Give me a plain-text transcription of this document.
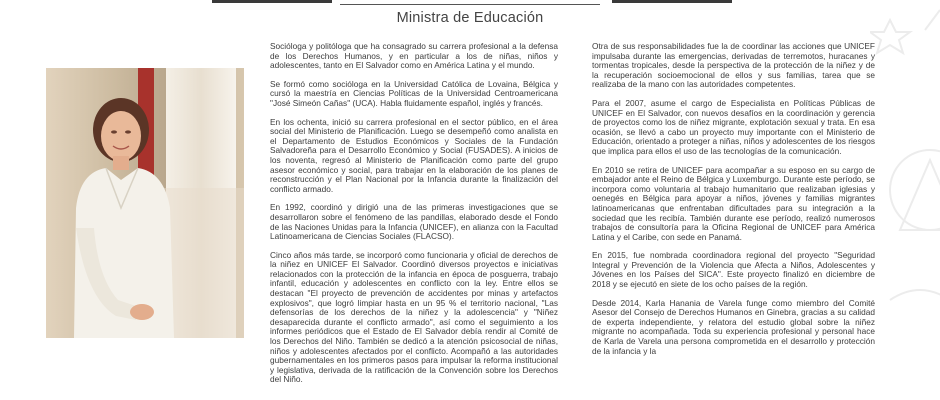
Ministra de Educación

Socióloga y politóloga que ha consagrado su carrera profesional a la defensa de los Derechos Humanos, y en particular a los de niñas, niños y adolescentes, tanto en El Salvador como en América Latina y el mundo.

Se formó como socióloga en la Universidad Católica de Lovaina, Bélgica y cursó la maestría en Ciencias Políticas de la Universidad Centroamericana "José Simeón Cañas" (UCA). Habla fluidamente español, inglés y francés.

En los ochenta, inició su carrera profesional en el sector público, en el área social del Ministerio de Planificación. Luego se desempeñó como analista en el Departamento de Estudios Económicos y Sociales de la Fundación Salvadoreña para el Desarrollo Económico y Social (FUSADES). A inicios de los noventa, regresó al Ministerio de Planificación como parte del grupo asesor económico y social, para trabajar en la elaboración de los planes de reconstrucción y el Plan Nacional por la Infancia durante la finalización del conflicto armado.

En 1992, coordinó y dirigió una de las primeras investigaciones que se desarrollaron sobre el fenómeno de las pandillas, elaborado desde el Fondo de las Naciones Unidas para la Infancia (UNICEF), en alianza con la Facultad Latinoamericana de Ciencias Sociales (FLACSO).

Cinco años más tarde, se incorporó como funcionaria y oficial de derechos de la niñez en UNICEF El Salvador. Coordinó diversos proyectos e iniciativas relacionados con la protección de la infancia en época de posguerra, trabajo infantil, educación y adolescentes en conflicto con la ley. Entre ellos se destacan "El proyecto de prevención de accidentes por minas y artefactos explosivos", que logró limpiar hasta en un 95 % el territorio nacional, "Las defensorías de los derechos de la niñez y la adolescencia" y "Niñez desaparecida durante el conflicto armado", así como el seguimiento a los informes periódicos que el Estado de El Salvador debía rendir al Comité de los Derechos del Niño. También se dedicó a la atención psicosocial de niñas, niños y adolescentes afectados por el conflicto. Acompañó a las autoridades gubernamentales en los primeros pasos para impulsar la reforma institucional y legislativa, derivada de la ratificación de la Convención sobre los Derechos del Niño.

Otra de sus responsabilidades fue la de coordinar las acciones que UNICEF impulsaba durante las emergencias, derivadas de terremotos, huracanes y tormentas tropicales, desde la perspectiva de la protección de la niñez y de la recuperación socioemocional de ellos y sus familias, tarea que se realizaba de la mano con las autoridades competentes.

Para el 2007, asume el cargo de Especialista en Políticas Públicas de UNICEF en El Salvador, con nuevos desafíos en la coordinación y gerencia de proyectos como los de niñez migrante, explotación sexual y trata. En esa ocasión, se llevó a cabo un proyecto muy importante con el Ministerio de Educación, orientado a proteger a niñas, niños y adolescentes de los riesgos que implica para ellos el uso de las tecnologías de la comunicación.

En 2010 se retira de UNICEF para acompañar a su esposo en su cargo de embajador ante el Reino de Bélgica y Luxemburgo. Durante este período, se incorpora como voluntaria al trabajo humanitario que realizaban iglesias y oenegés en Bélgica para apoyar a niños, jóvenes y familias migrantes latinoamericanas que enfrentaban dificultades para su integración a la sociedad que les recibía. También durante ese período, realizó numerosos trabajos de consultoría para la Oficina Regional de UNICEF para América Latina y el Caribe, con sede en Panamá.

En 2015, fue nombrada coordinadora regional del proyecto "Seguridad Integral y Prevención de la Violencia que Afecta a Niños, Adolescentes y Jóvenes en los Países del SICA". Este proyecto finalizó en diciembre de 2018 y se ejecutó en siete de los ocho países de la región.

Desde 2014, Karla Hanania de Varela funge como miembro del Comité Asesor del Consejo de Derechos Humanos en Ginebra, gracias a su calidad de experta independiente, y relatora del estudio global sobre la niñez migrante no acompañada. Toda su experiencia profesional y personal hace de Karla de Varela una persona comprometida en el desarrollo y protección de la infancia y la
